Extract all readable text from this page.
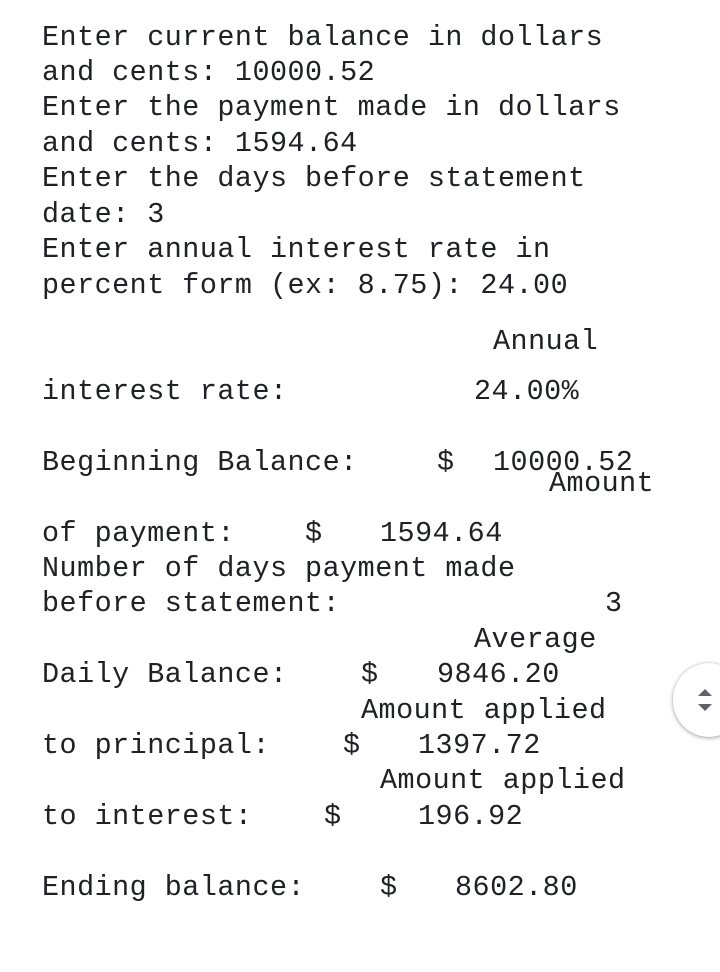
Enter current balance in dollars
and cents: 10000.52
Enter the payment made in dollars
and cents: 1594.64
Enter the days before statement
date: 3
Enter annual interest rate in
percent form (ex: 8.75): 24.00
Annual
interest rate:	24.00%
Beginning Balance:	$ 10000.52
Amount
of payment: $ 1594.64
Number of days payment made
before statement:	3
Average
Daily Balance:	$ 9846.20
Amount applied
to principal:	$ 1397.72
Amount applied
to interest:	$	196.92
Ending balance:	$ 8602.80
